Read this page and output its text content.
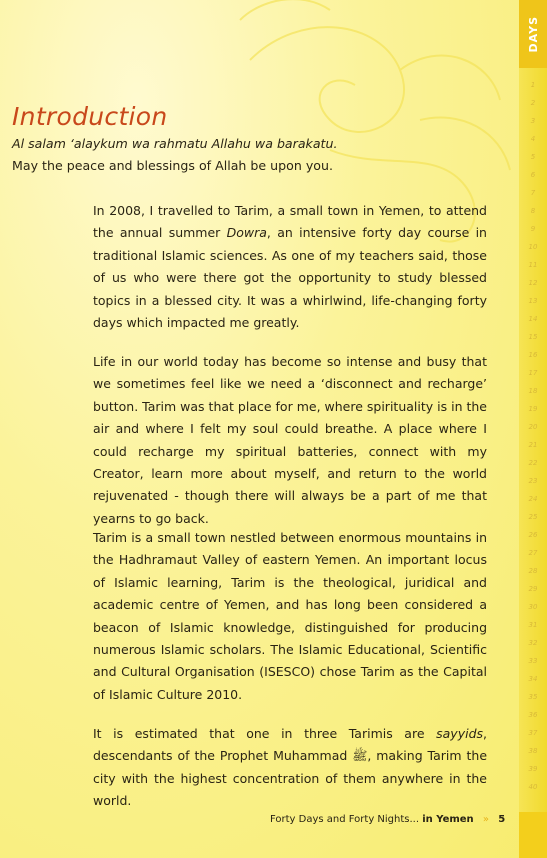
DAYS
1
2
3
4
5
6
7
8
9
10
11
12
13
14
15
16
17
18
19
20
21
22
23
24
25
26
27
28
29
30
31
32
33
34
35
36
37
38
39
40
Introduction

Al salam ‘alaykum wa rahmatu Allahu wa barakatu.

May the peace and blessings of Allah be upon you.

In 2008, I travelled to Tarim, a small town in Yemen, to attend the annual summer Dowra, an intensive forty day course in traditional Islamic sciences. As one of my teachers said, those of us who were there got the opportunity to study blessed topics in a blessed city. It was a whirlwind, life-changing forty days which impacted me greatly.

Life in our world today has become so intense and busy that we sometimes feel like we need a ‘disconnect and recharge’ button. Tarim was that place for me, where spirituality is in the air and where I felt my soul could breathe. A place where I could recharge my spiritual batteries, connect with my Creator, learn more about myself, and return to the world rejuvenated - though there will always be a part of me that yearns to go back.

Tarim is a small town nestled between enormous mountains in the Hadhramaut Valley of eastern Yemen. An important locus of Islamic learning, Tarim is the theological, juridical and academic centre of Yemen, and has long been considered a beacon of Islamic knowledge, distinguished for producing numerous Islamic scholars. The Islamic Educational, Scientific and Cultural Organisation (ISESCO) chose Tarim as the Capital of Islamic Culture 2010.

It is estimated that one in three Tarimis are sayyids, descendants of the Prophet Muhammad ﷺ, making Tarim the city with the highest concentration of them anywhere in the world.

Forty Days and Forty Nights... in Yemen » 5
